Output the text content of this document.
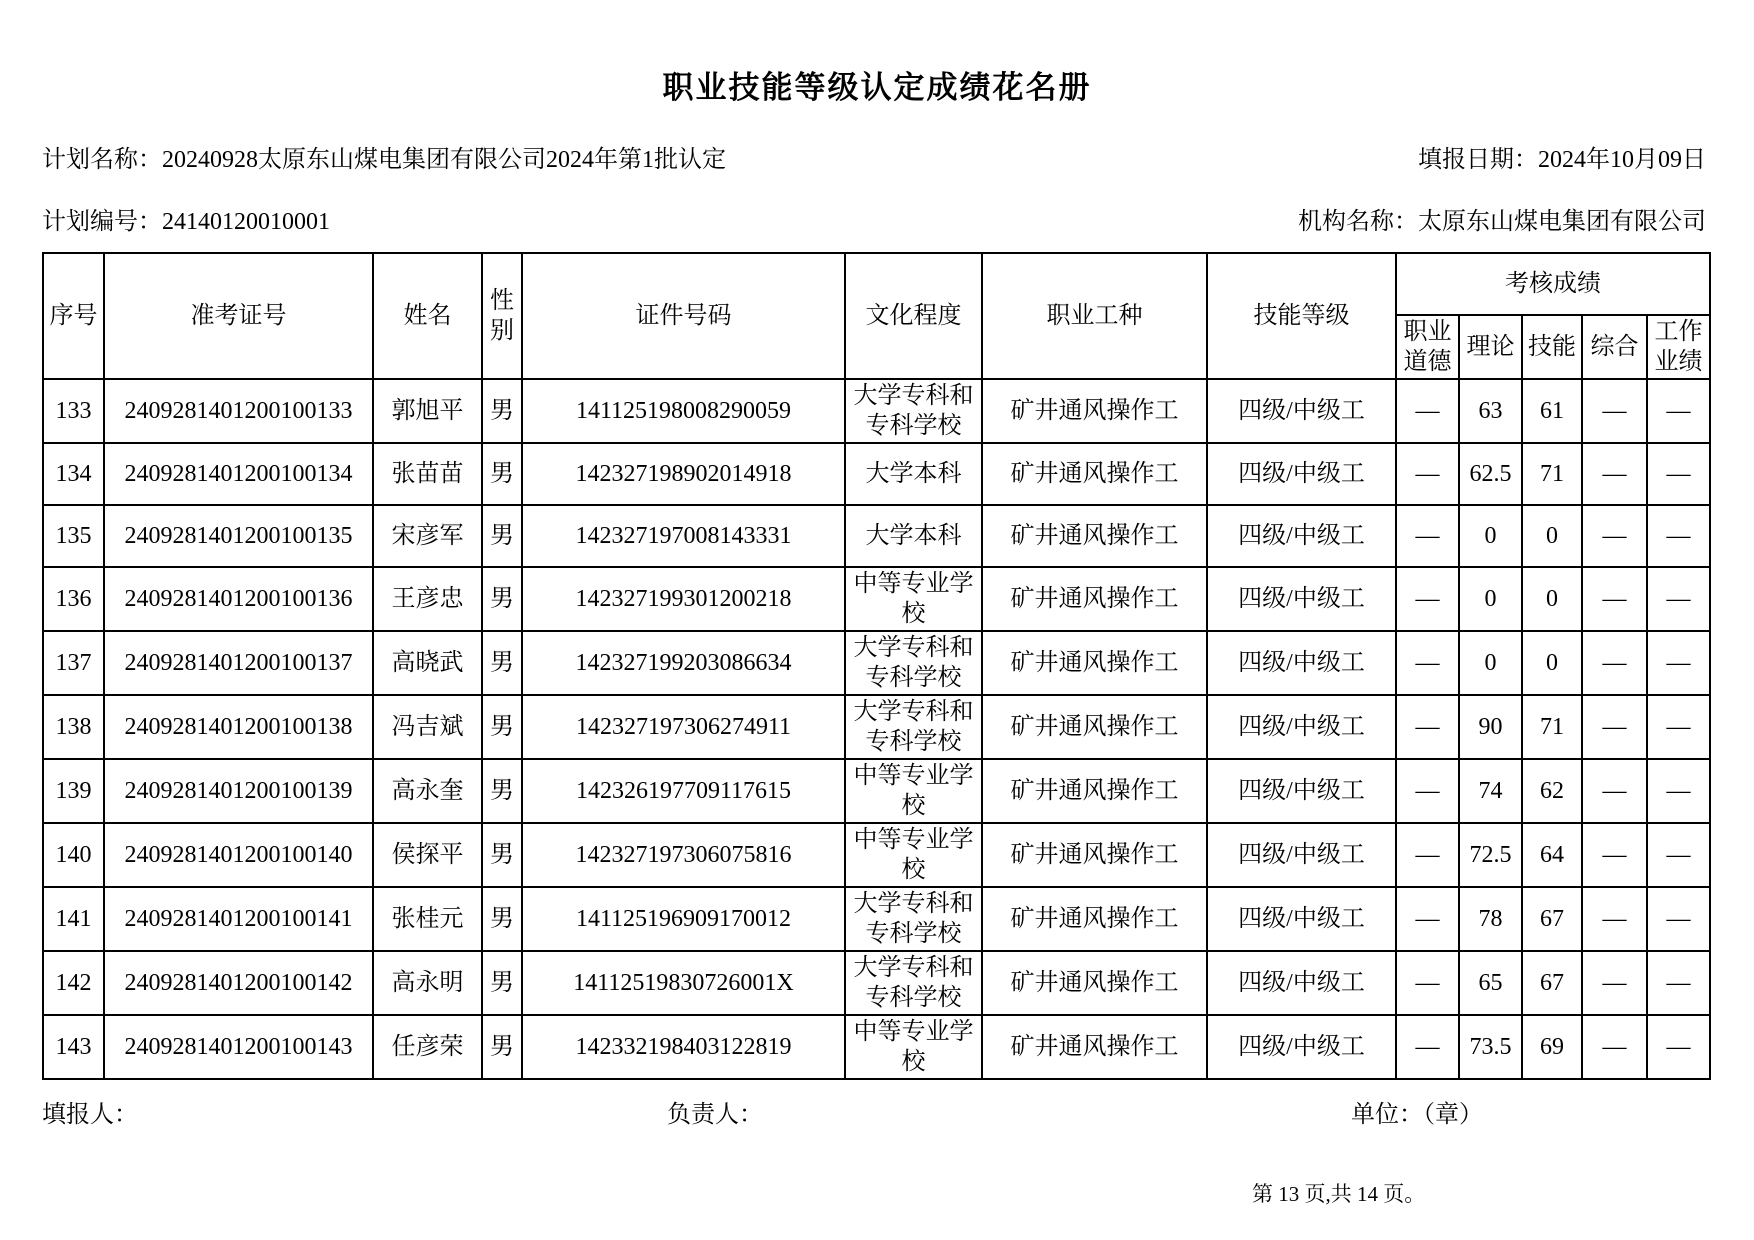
职业技能等级认定成绩花名册
计划名称：20240928太原东山煤电集团有限公司2024年第1批认定	填报日期：2024年10月09日
计划编号：24140120010001	机构名称：太原东山煤电集团有限公司
序号	准考证号	姓名	性别	证件号码	文化程度	职业工种	技能等级	考核成绩				
								职业道德	理论	技能	综合	工作业绩
133	2409281401200100133	郭旭平	男	141125198008290059	大学专科和专科学校	矿井通风操作工	四级/中级工	—	63	61	—	—
134	2409281401200100134	张苗苗	男	142327198902014918	大学本科	矿井通风操作工	四级/中级工	—	62.5	71	—	—
135	2409281401200100135	宋彦军	男	142327197008143331	大学本科	矿井通风操作工	四级/中级工	—	0	0	—	—
136	2409281401200100136	王彦忠	男	142327199301200218	中等专业学校	矿井通风操作工	四级/中级工	—	0	0	—	—
137	2409281401200100137	高晓武	男	142327199203086634	大学专科和专科学校	矿井通风操作工	四级/中级工	—	0	0	—	—
138	2409281401200100138	冯吉斌	男	142327197306274911	大学专科和专科学校	矿井通风操作工	四级/中级工	—	90	71	—	—
139	2409281401200100139	高永奎	男	142326197709117615	中等专业学校	矿井通风操作工	四级/中级工	—	74	62	—	—
140	2409281401200100140	侯探平	男	142327197306075816	中等专业学校	矿井通风操作工	四级/中级工	—	72.5	64	—	—
141	2409281401200100141	张桂元	男	141125196909170012	大学专科和专科学校	矿井通风操作工	四级/中级工	—	78	67	—	—
142	2409281401200100142	高永明	男	14112519830726001X	大学专科和专科学校	矿井通风操作工	四级/中级工	—	65	67	—	—
143	2409281401200100143	任彦荣	男	142332198403122819	中等专业学校	矿井通风操作工	四级/中级工	—	73.5	69	—	—
填报人：	负责人：	单位：（章）
第 13 页,共 14 页。
